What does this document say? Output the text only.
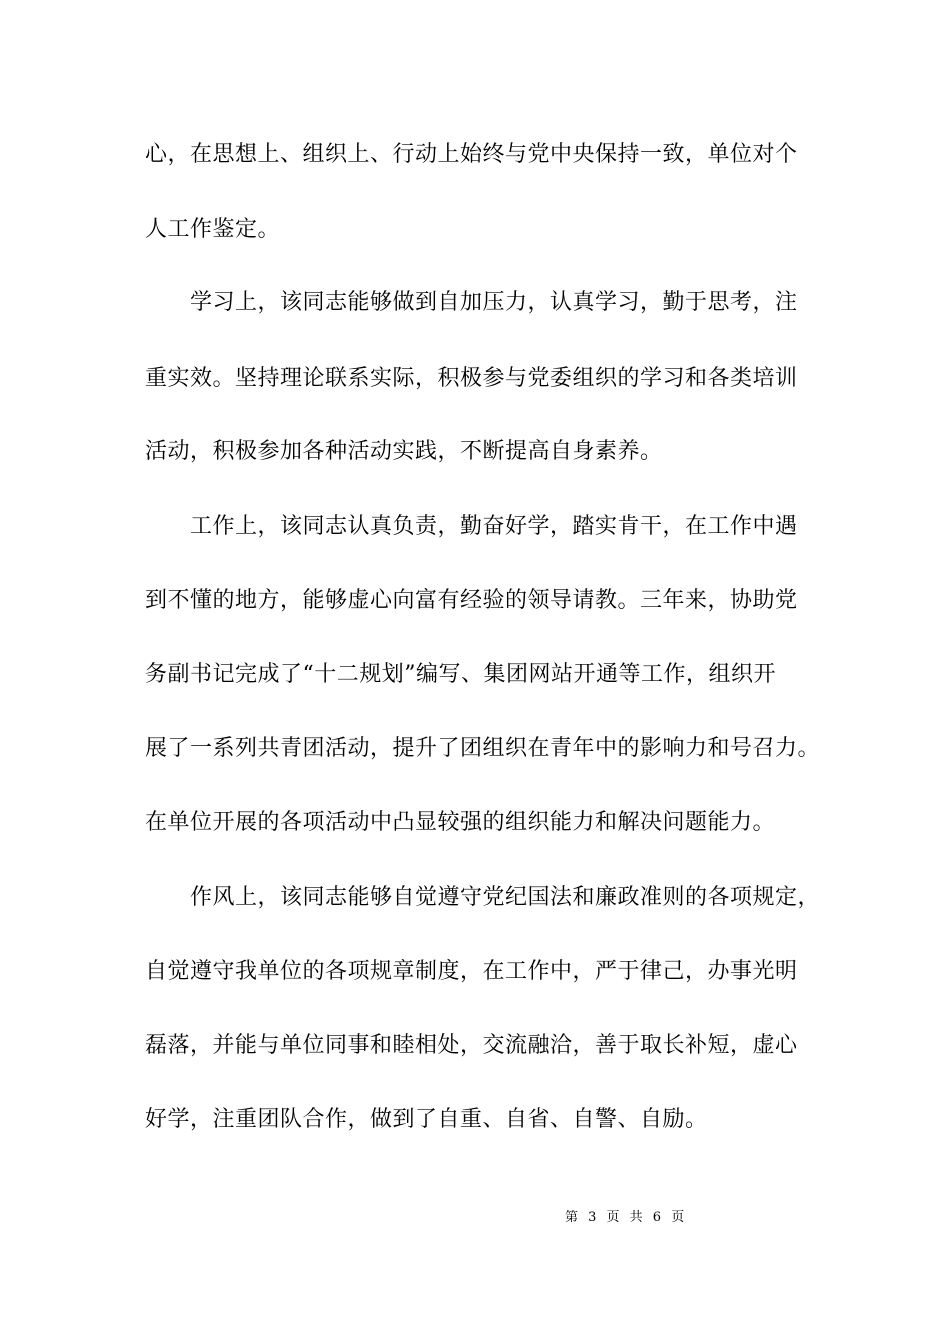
心，在思想上、组织上、行动上始终与党中央保持一致，单位对个
人工作鉴定。
学习上，该同志能够做到自加压力，认真学习，勤于思考，注
重实效。坚持理论联系实际，积极参与党委组织的学习和各类培训
活动，积极参加各种活动实践，不断提高自身素养。
工作上，该同志认真负责，勤奋好学，踏实肯干，在工作中遇
到不懂的地方，能够虚心向富有经验的领导请教。三年来，协助党
务副书记完成了“十二规划”编写、集团网站开通等工作，组织开
展了一系列共青团活动，提升了团组织在青年中的影响力和号召力。
在单位开展的各项活动中凸显较强的组织能力和解决问题能力。
作风上，该同志能够自觉遵守党纪国法和廉政准则的各项规定，
自觉遵守我单位的各项规章制度，在工作中，严于律己，办事光明
磊落，并能与单位同事和睦相处，交流融洽，善于取长补短，虚心
好学，注重团队合作，做到了自重、自省、自警、自励。
第 3 页 共 6 页
